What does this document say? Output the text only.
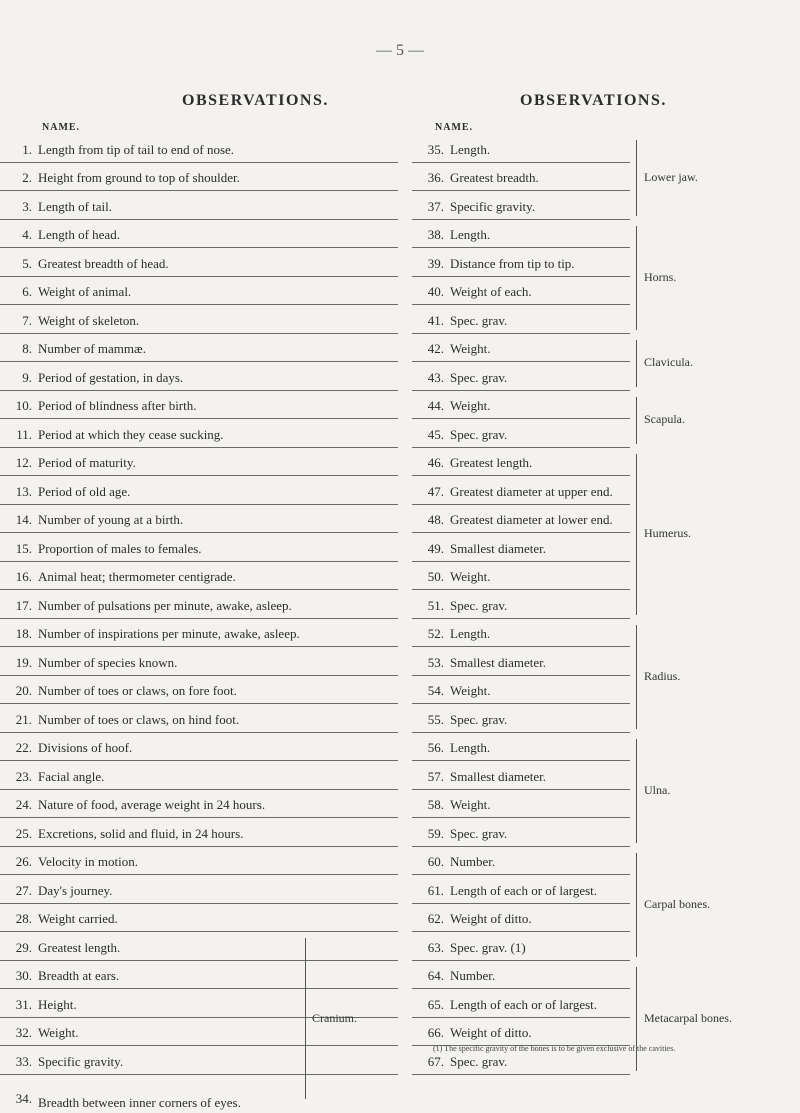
— 5 —
OBSERVATIONS.
NAME.
1. Length from tip of tail to end of nose.
2. Height from ground to top of shoulder.
3. Length of tail.
4. Length of head.
5. Greatest breadth of head.
6. Weight of animal.
7. Weight of skeleton.
8. Number of mammæ.
9. Period of gestation, in days.
10. Period of blindness after birth.
11. Period at which they cease sucking.
12. Period of maturity.
13. Period of old age.
14. Number of young at a birth.
15. Proportion of males to females.
16. Animal heat; thermometer centigrade.
17. Number of pulsations per minute, awake, asleep.
18. Number of inspirations per minute, awake, asleep.
19. Number of species known.
20. Number of toes or claws, on fore foot.
21. Number of toes or claws, on hind foot.
22. Divisions of hoof.
23. Facial angle.
24. Nature of food, average weight in 24 hours.
25. Excretions, solid and fluid, in 24 hours.
26. Velocity in motion.
27. Day's journey.
28. Weight carried.
29. Greatest length.
30. Breadth at ears.
31. Height.
32. Weight.
33. Specific gravity.
34. Breadth between inner corners of eyes.
OBSERVATIONS.
NAME.
35. Length.
36. Greatest breadth.
37. Specific gravity.
38. Length.
39. Distance from tip to tip.
40. Weight of each.
41. Spec. grav.
42. Weight.
43. Spec. grav.
44. Weight.
45. Spec. grav.
46. Greatest length.
47. Greatest diameter at upper end.
48. Greatest diameter at lower end.
49. Smallest diameter.
50. Weight.
51. Spec. grav.
52. Length.
53. Smallest diameter.
54. Weight.
55. Spec. grav.
56. Length.
57. Smallest diameter.
58. Weight.
59. Spec. grav.
60. Number.
61. Length of each or of largest.
62. Weight of ditto.
63. Spec. grav. (1)
64. Number.
65. Length of each or of largest.
66. Weight of ditto.
67. Spec. grav.
Cranium.
Lower jaw.
Horns.
Clavicula.
Scapula.
Humerus.
Radius.
Ulna.
Carpal bones.
Metacarpal bones.
(1) The specific gravity of the bones is to be given exclusive of the cavities.
